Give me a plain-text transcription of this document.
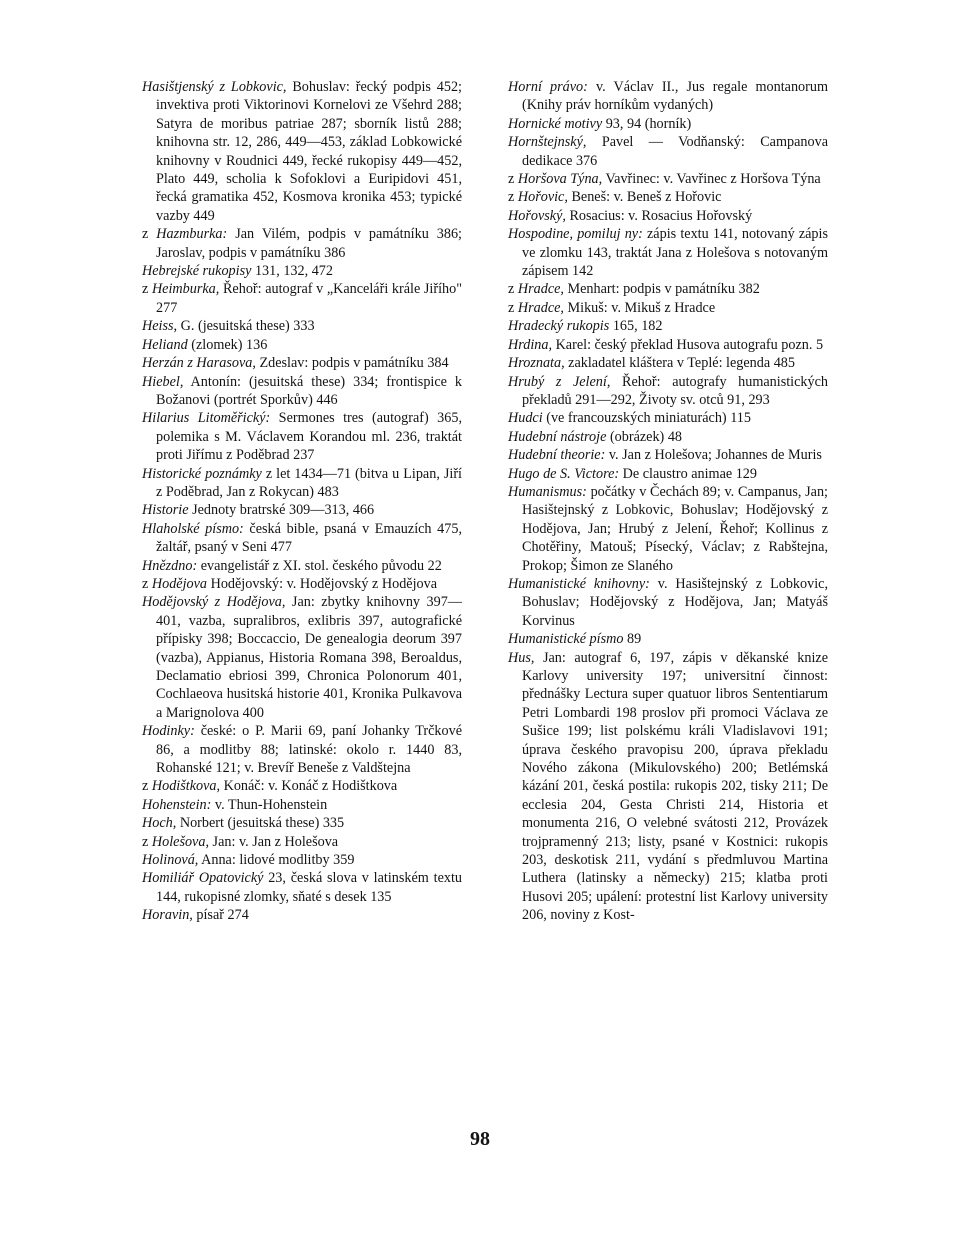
Hasištjenský z Lobkovic, Bohuslav: řecký podpis 452; invektiva proti Viktorinovi Kornelovi ze Všehrd 288; Satyra de moribus patriae 287; sborník listů 288; knihovna str. 12, 286, 449—453, základ Lobkowické knihovny v Roudnici 449, řecké rukopisy 449—452, Plato 449, scholia k Sofoklovi a Euripidovi 451, řecká gramatika 452, Kosmova kronika 453; typické vazby 449

z Hazmburka: Jan Vilém, podpis v památníku 386; Jaroslav, podpis v památníku 386

Hebrejské rukopisy 131, 132, 472

z Heimburka, Řehoř: autograf v „Kanceláři krále Jiřího" 277

Heiss, G. (jesuitská these) 333

Heliand (zlomek) 136

Herzán z Harasova, Zdeslav: podpis v památníku 384

Hiebel, Antonín: (jesuitská these) 334; frontispice k Božanovi (portrét Sporkův) 446

Hilarius Litoměřický: Sermones tres (autograf) 365, polemika s M. Václavem Korandou ml. 236, traktát proti Jiřímu z Poděbrad 237

Historické poznámky z let 1434—71 (bitva u Lipan, Jiří z Poděbrad, Jan z Rokycan) 483

Historie Jednoty bratrské 309—313, 466

Hlaholské písmo: česká bible, psaná v Emauzích 475, žaltář, psaný v Seni 477

Hnězdno: evangelistář z XI. stol. českého původu 22

z Hodějova Hodějovský: v. Hodějovský z Hodějova

Hodějovský z Hodějova, Jan: zbytky knihovny 397—401, vazba, supralibros, exlibris 397, autografické přípisky 398; Boccaccio, De genealogia deorum 397 (vazba), Appianus, Historia Romana 398, Beroaldus, Declamatio ebriosi 399, Chronica Polonorum 401, Cochlaeova husitská historie 401, Kronika Pulkavova a Marignolova 400

Hodinky: české: o P. Marii 69, paní Johanky Trčkové 86, a modlitby 88; latinské: okolo r. 1440 83, Rohanské 121; v. Brevíř Beneše z Valdštejna

z Hodištkova, Konáč: v. Konáč z Hodištkova

Hohenstein: v. Thun-Hohenstein

Hoch, Norbert (jesuitská these) 335

z Holešova, Jan: v. Jan z Holešova

Holinová, Anna: lidové modlitby 359

Homiliář Opatovický 23, česká slova v latinském textu 144, rukopisné zlomky, sňaté s desek 135

Horavin, písař 274

Horní právo: v. Václav II., Jus regale montanorum (Knihy práv horníkům vydaných)

Hornické motivy 93, 94 (horník)

Hornštejnský, Pavel — Vodňanský: Campanova dedikace 376

z Horšova Týna, Vavřinec: v. Vavřinec z Horšova Týna

z Hořovic, Beneš: v. Beneš z Hořovic

Hořovský, Rosacius: v. Rosacius Hořovský

Hospodine, pomiluj ny: zápis textu 141, notovaný zápis ve zlomku 143, traktát Jana z Holešova s notovaným zápisem 142

z Hradce, Menhart: podpis v památníku 382

z Hradce, Mikuš: v. Mikuš z Hradce

Hradecký rukopis 165, 182

Hrdina, Karel: český překlad Husova autografu pozn. 5

Hroznata, zakladatel kláštera v Teplé: legenda 485

Hrubý z Jelení, Řehoř: autografy humanistických překladů 291—292, Životy sv. otců 91, 293

Hudci (ve francouzských miniaturách) 115

Hudební nástroje (obrázek) 48

Hudební theorie: v. Jan z Holešova; Johannes de Muris

Hugo de S. Victore: De claustro animae 129

Humanismus: počátky v Čechách 89; v. Campanus, Jan; Hasištejnský z Lobkovic, Bohuslav; Hodějovský z Hodějova, Jan; Hrubý z Jelení, Řehoř; Kollinus z Chotěřiny, Matouš; Písecký, Václav; z Rabštejna, Prokop; Šimon ze Slaného

Humanistické knihovny: v. Hasištejnský z Lobkovic, Bohuslav; Hodějovský z Hodějova, Jan; Matyáš Korvinus

Humanistické písmo 89

Hus, Jan: autograf 6, 197, zápis v děkanské knize Karlovy university 197; universitní činnost: přednášky Lectura super quatuor libros Sententiarum Petri Lombardi 198 proslov při promoci Václava ze Sušice 199; list polskému králi Vladislavovi 191; úprava českého pravopisu 200, úprava překladu Nového zákona (Mikulovského) 200; Betlémská kázání 201, česká postila: rukopis 202, tisky 211; De ecclesia 204, Gesta Christi 214, Historia et monumenta 216, O velebné svátosti 212, Provázek trojpramenný 213; listy, psané v Kostnici: rukopis 203, deskotisk 211, vydání s předmluvou Martina Luthera (latinsky a německy) 215; klatba proti Husovi 205; upálení: protestní list Karlovy university 206, noviny z Kost-

98
